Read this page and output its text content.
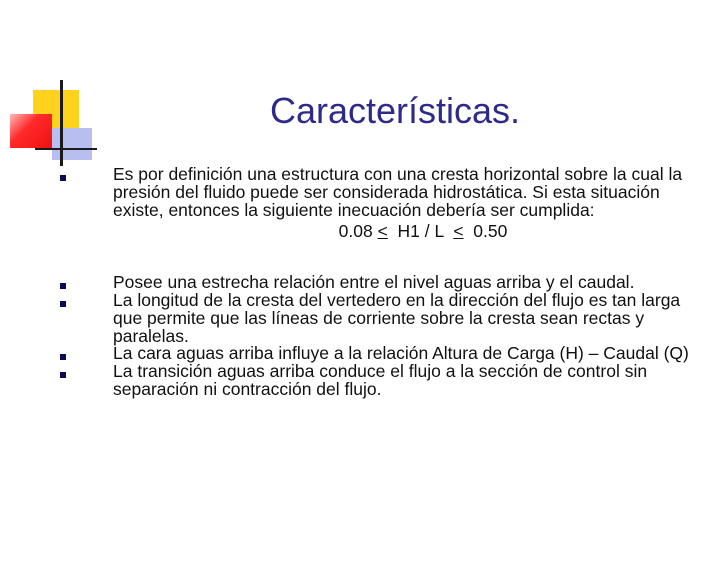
Características.
Es por definición una estructura con una cresta horizontal sobre la cual la presión del fluido puede ser considerada hidrostática. Si esta situación existe, entonces la siguiente inecuación debería ser cumplida:
0.08 < H1 / L < 0.50
Posee una estrecha relación entre el nivel aguas arriba y el caudal.
La longitud de la cresta del vertedero en la dirección del flujo es tan larga que permite que las líneas de corriente sobre la cresta sean rectas y paralelas.
La cara aguas arriba influye a la relación Altura de Carga (H) – Caudal (Q)
La transición aguas arriba conduce el flujo a la sección de control sin separación ni contracción del flujo.
